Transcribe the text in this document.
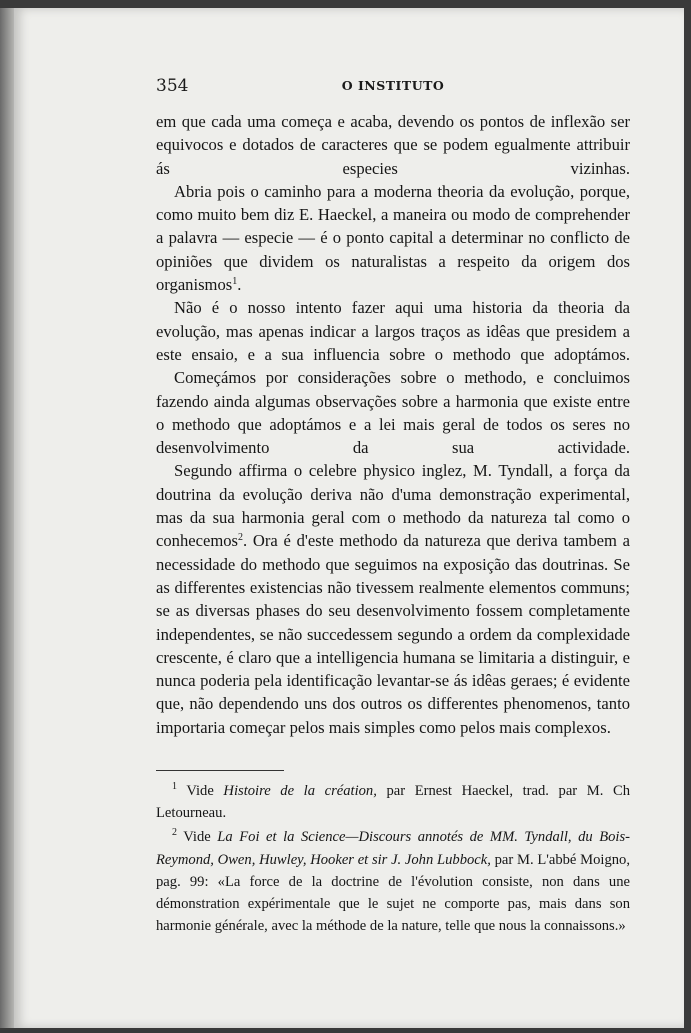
354	O INSTITUTO

em que cada uma começa e acaba, devendo os pontos de inflexão ser equivocos e dotados de caracteres que se podem egualmente attribuir ás especies vizinhas.

Abria pois o caminho para a moderna theoria da evolução, porque, como muito bem diz E. Haeckel, a maneira ou modo de comprehender a palavra — especie — é o ponto capital a determinar no conflicto de opiniões que dividem os naturalistas a respeito da origem dos organismos$^1$.

Não é o nosso intento fazer aqui uma historia da theoria da evolução, mas apenas indicar a largos traços as idêas que presidem a este ensaio, e a sua influencia sobre o methodo que adoptámos.

Começámos por considerações sobre o methodo, e concluimos fazendo ainda algumas observações sobre a harmonia que existe entre o methodo que adoptámos e a lei mais geral de todos os seres no desenvolvimento da sua actividade.

Segundo affirma o celebre physico inglez, M. Tyndall, a força da doutrina da evolução deriva não d'uma demonstração experimental, mas da sua harmonia geral com o methodo da natureza tal como o conhecemos$^2$. Ora é d'este methodo da natureza que deriva tambem a necessidade do methodo que seguimos na exposição das doutrinas. Se as differentes existencias não tivessem realmente elementos communs; se as diversas phases do seu desenvolvimento fossem completamente independentes, se não succedessem segundo a ordem da complexidade crescente, é claro que a intelligencia humana se limitaria a distinguir, e nunca poderia pela identificação levantar-se ás idêas geraes; é evidente que, não dependendo uns dos outros os differentes phenomenos, tanto importaria começar pelos mais simples como pelos mais complexos.

$^1$ Vide Histoire de la création, par Ernest Haeckel, trad. par M. Ch Letourneau.

$^2$ Vide La Foi et la Science—Discours annotés de MM. Tyndall, du Bois-Reymond, Owen, Huwley, Hooker et sir J. John Lubbock, par M. L'abbé Moigno, pag. 99: «La force de la doctrine de l'évolution consiste, non dans une démonstration expérimentale que le sujet ne comporte pas, mais dans son harmonie générale, avec la méthode de la nature, telle que nous la connaissons.»
